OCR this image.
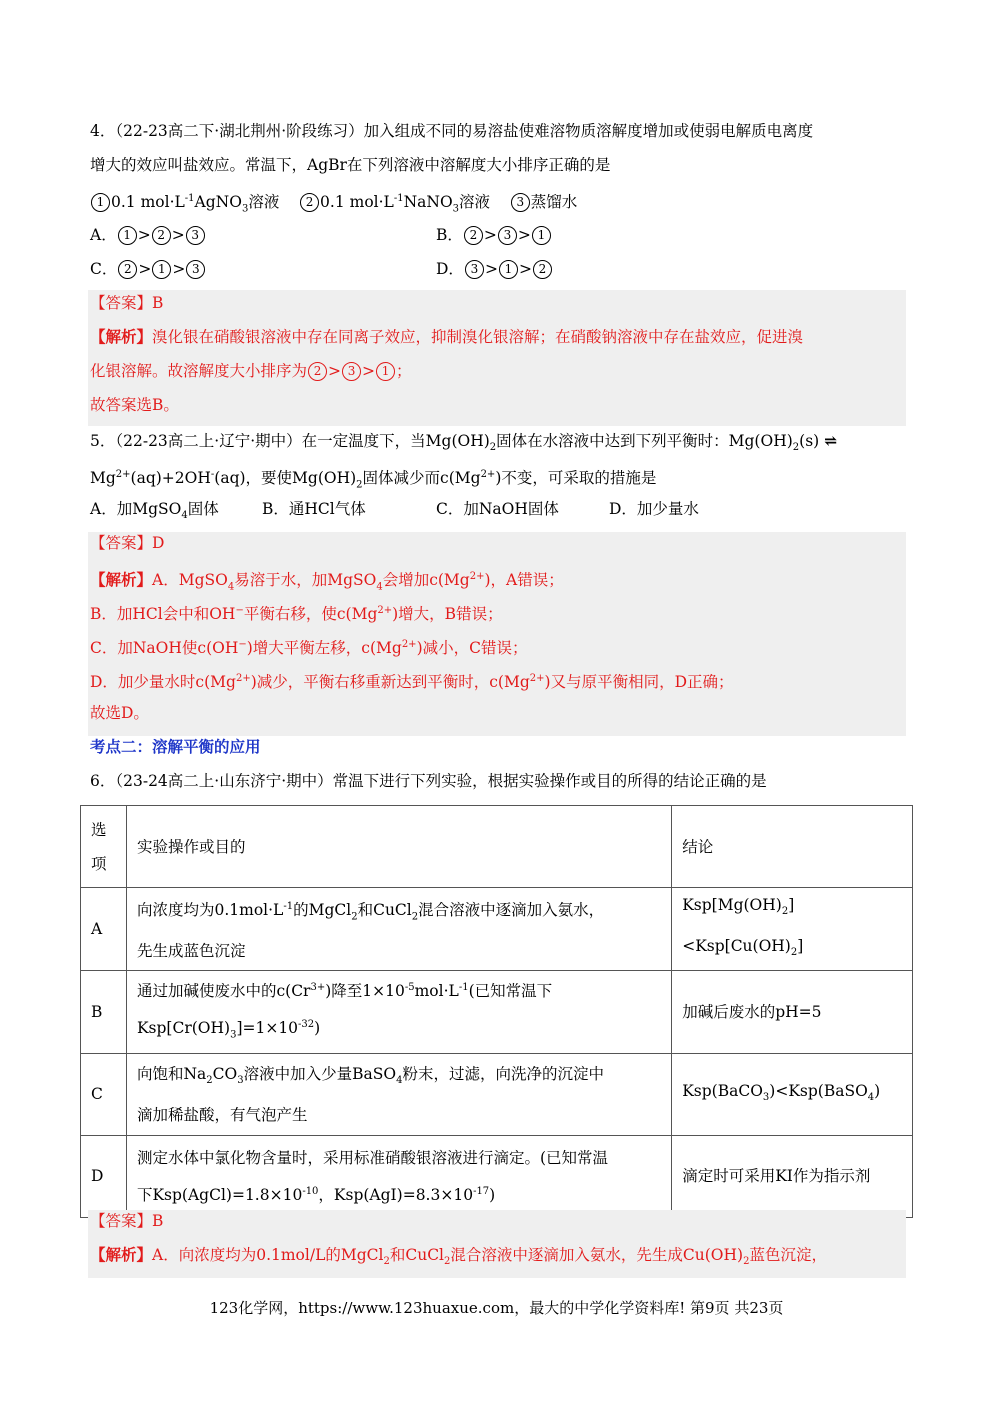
4．（22-23高二下·湖北荆州·阶段练习）加入组成不同的易溶盐使难溶物质溶解度增加或使弱电解质电离度
增大的效应叫盐效应。常温下，AgBr在下列溶液中溶解度大小排序正确的是
1 0.1 $mol\cdot L^{-1}AgNO_3$溶液 2 0.1 $mol\cdot L^{-1}NaNO_3$溶液 3 蒸馏水
A． 1 > 2 > 3	B． 2 > 3 > 1
C． 2 > 1 > 3	D． 3 > 1 > 2
【答案】B
【解析】溴化银在硝酸银溶液中存在同离子效应，抑制溴化银溶解；在硝酸钠溶液中存在盐效应，促进溴
化银溶解。故溶解度大小排序为 2 > 3 > 1 ；
故答案选B。
5．（22-23高二上·辽宁·期中）在一定温度下，当$Mg(OH)_2$固体在水溶液中达到下列平衡时：$Mg(OH)_2(s)$ ⇌
$Mg^{2+}(aq)+2OH^-(aq)$，要使$Mg(OH)_2$固体减少而$c(Mg^{2+})$不变，可采取的措施是
A．加MgSO$_4$固体	B．通HCl气体	C．加NaOH固体	D．加少量水
【答案】D
【解析】A．MgSO$_4$易溶于水，加MgSO$_4$会增加$c(Mg^{2+})$，A错误；
B．加HCl会中和OH−平衡右移，使$c(Mg^{2+})$增大，B错误；
C．加NaOH使c(OH−)增大平衡左移，$c(Mg^{2+})$减小，C错误；
D．加少量水时$c(Mg^{2+})$减少，平衡右移重新达到平衡时，$c(Mg^{2+})$又与原平衡相同，D正确；
故选D。
考点二：溶解平衡的应用
6．（23-24高二上·山东济宁·期中）常温下进行下列实验，根据实验操作或目的所得的结论正确的是
选
项	实验操作或目的	结论
A	向浓度均为$0.1mol\cdot L^{-1}$的MgCl$_2$和CuCl$_2$混合溶液中逐滴加入氨水，
先生成蓝色沉淀	$Ksp[Mg(OH)_2]<Ksp[Cu(OH)_2]$
B	通过加碱使废水中的$c(Cr^{3+})$降至$1\times 10^{-5}mol\cdot L^{-1}$(已知常温下
$Ksp[Cr(OH)_3]=1\times 10^{-32}$)	加碱后废水的pH=5
C	向饱和$Na_2CO_3$溶液中加入少量BaSO$_4$粉末，过滤，向洗净的沉淀中
滴加稀盐酸，有气泡产生	Ksp(BaCO$_3$)<Ksp(BaSO$_4$)
D	测定水体中氯化物含量时，采用标准硝酸银溶液进行滴定。(已知常温
下$Ksp(AgCl)=1.8\times 10^{-10}$，$Ksp(AgI)=8.3\times 10^{-17}$)	滴定时可采用KI作为指示剂
【答案】B
【解析】A．向浓度均为0.1mol/L的MgCl$_2$和CuCl$_2$混合溶液中逐滴加入氨水，先生成$Cu(OH)_2$蓝色沉淀，
123化学网，https://www.123huaxue.com，最大的中学化学资料库! 第9页 共23页
